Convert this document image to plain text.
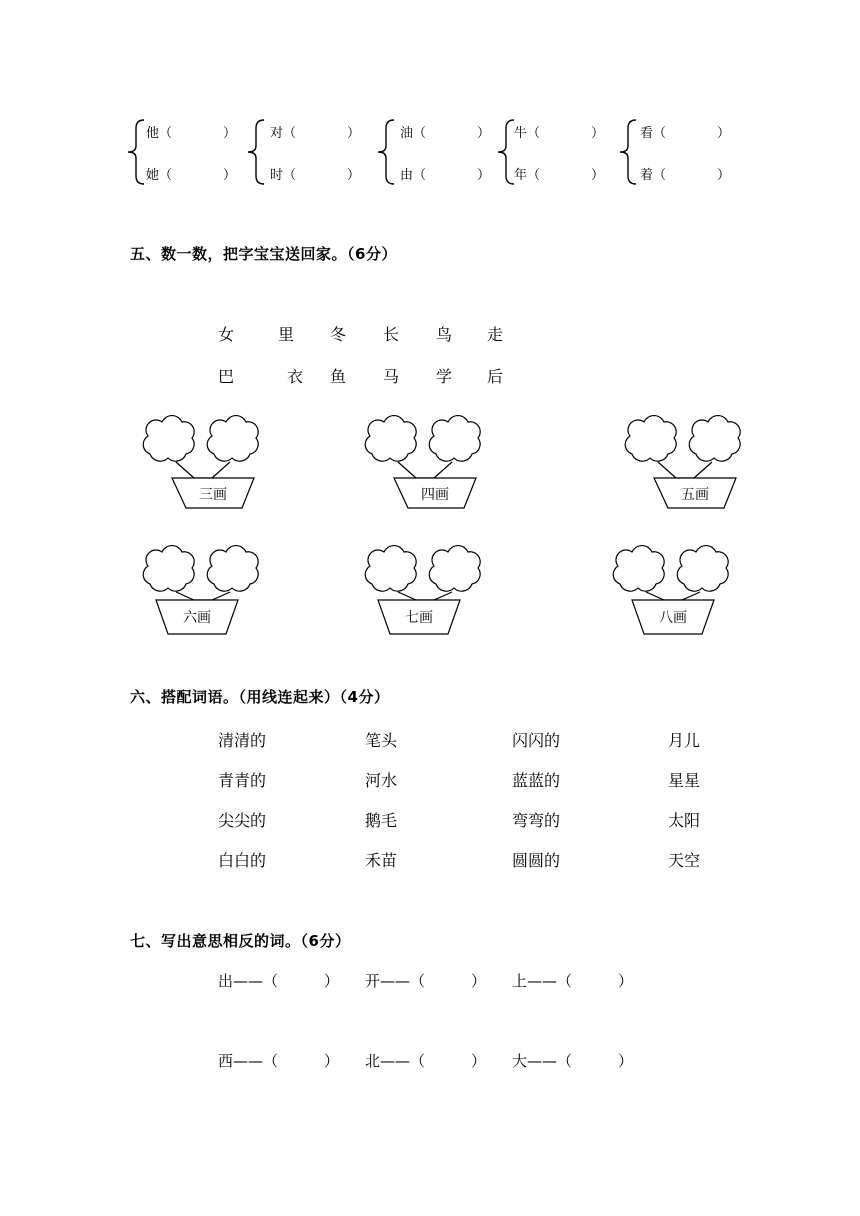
他（	）
她（	）
对（	）
时（	）
油（	）
由（	）
牛（	）
年（	）
看（	）
着（	）
五、数一数，把字宝宝送回家。（6分）
女	里 冬 长 鸟 走
巴	衣 鱼 马 学 后
三画	四画	五画
六画	七画	八画
六、搭配词语。（用线连起来）（4分）
清清的	笔头	闪闪的	月儿
青青的	河水	蓝蓝的	星星
尖尖的	鹅毛	弯弯的	太阳
白白的	禾苗	圆圆的	天空
七、写出意思相反的词。（6分）
出——（	） 开——（	） 上——（	）
西——（	） 北——（	） 大——（	）
